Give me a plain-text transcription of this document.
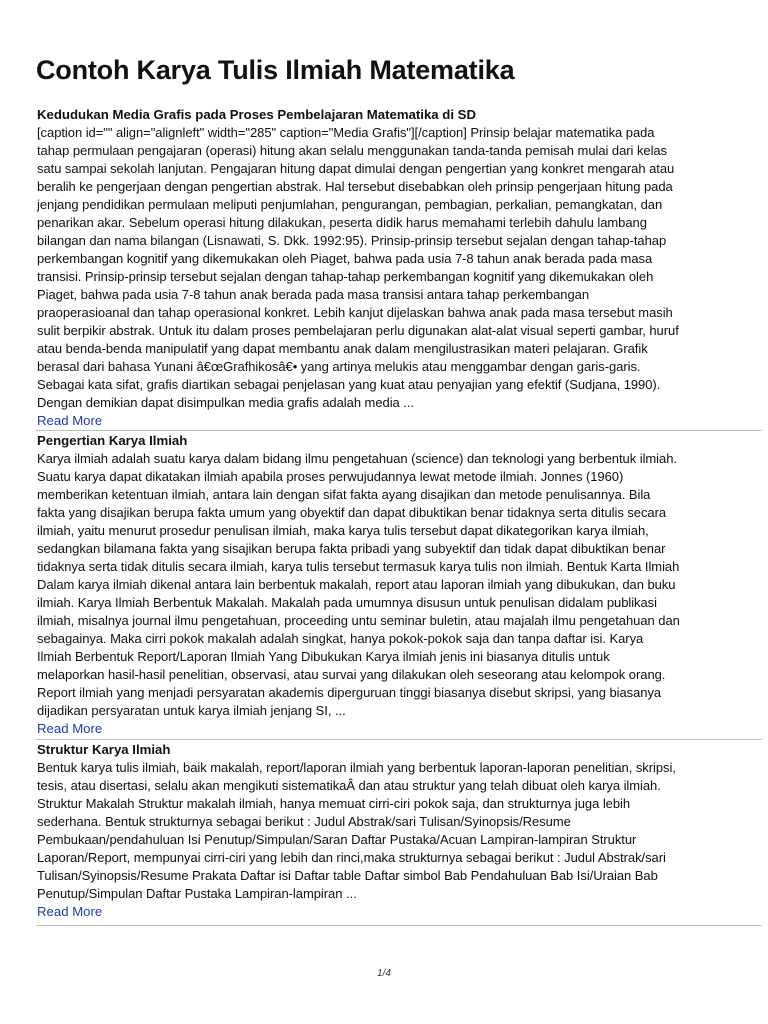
Contoh Karya Tulis Ilmiah Matematika
Kedudukan Media Grafis pada Proses Pembelajaran Matematika di SD
[caption id="" align="alignleft" width="285" caption="Media Grafis"][/caption] Prinsip belajar matematika pada
tahap permulaan pengajaran (operasi) hitung akan selalu menggunakan tanda-tanda pemisah mulai dari kelas
satu sampai sekolah lanjutan. Pengajaran hitung dapat dimulai dengan pengertian yang konkret mengarah atau
beralih ke pengerjaan dengan pengertian abstrak. Hal tersebut disebabkan oleh prinsip pengerjaan hitung pada
jenjang pendidikan permulaan meliputi penjumlahan, pengurangan, pembagian, perkalian, pemangkatan, dan
penarikan akar. Sebelum operasi hitung dilakukan, peserta didik harus memahami terlebih dahulu lambang
bilangan dan nama bilangan (Lisnawati, S. Dkk. 1992:95). Prinsip-prinsip tersebut sejalan dengan tahap-tahap
perkembangan kognitif yang dikemukakan oleh Piaget, bahwa pada usia 7-8 tahun anak berada pada masa
transisi. Prinsip-prinsip tersebut sejalan dengan tahap-tahap perkembangan kognitif yang dikemukakan oleh
Piaget, bahwa pada usia 7-8 tahun anak berada pada masa transisi antara tahap perkembangan
praoperasioanal dan tahap operasional konkret. Lebih kanjut dijelaskan bahwa anak pada masa tersebut masih
sulit berpikir abstrak. Untuk itu dalam proses pembelajaran perlu digunakan alat-alat visual seperti gambar, huruf
atau benda-benda manipulatif yang dapat membantu anak dalam mengilustrasikan materi pelajaran. Grafik
berasal dari bahasa Yunani â€œGrafhikosâ€• yang artinya melukis atau menggambar dengan garis-garis.
Sebagai kata sifat, grafis diartikan sebagai penjelasan yang kuat atau penyajian yang efektif (Sudjana, 1990).
Dengan demikian dapat disimpulkan media grafis adalah media ...
Read More
Pengertian Karya Ilmiah
Karya ilmiah adalah suatu karya dalam bidang ilmu pengetahuan (science) dan teknologi yang berbentuk ilmiah.
Suatu karya dapat dikatakan ilmiah apabila proses perwujudannya lewat metode ilmiah. Jonnes (1960)
memberikan ketentuan ilmiah, antara lain dengan sifat fakta ayang disajikan dan metode penulisannya. Bila
fakta yang disajikan berupa fakta umum yang obyektif dan dapat dibuktikan benar tidaknya serta ditulis secara
ilmiah, yaitu menurut prosedur penulisan ilmiah, maka karya tulis tersebut dapat dikategorikan karya ilmiah,
sedangkan bilamana fakta yang sisajikan berupa fakta pribadi yang subyektif dan tidak dapat dibuktikan benar
tidaknya serta tidak ditulis secara ilmiah, karya tulis tersebut termasuk karya tulis non ilmiah. Bentuk Karta Ilmiah
Dalam karya ilmiah dikenal antara lain berbentuk makalah, report atau laporan ilmiah yang dibukukan, dan buku
ilmiah. Karya Ilmiah Berbentuk Makalah. Makalah pada umumnya disusun untuk penulisan didalam publikasi
ilmiah, misalnya journal ilmu pengetahuan, proceeding untu seminar buletin, atau majalah ilmu pengetahuan dan
sebagainya. Maka cirri pokok makalah adalah singkat, hanya pokok-pokok saja dan tanpa daftar isi. Karya
Ilmiah Berbentuk Report/Laporan Ilmiah Yang Dibukukan Karya ilmiah jenis ini biasanya ditulis untuk
melaporkan hasil-hasil penelitian, observasi, atau survai yang dilakukan oleh seseorang atau kelompok orang.
Report ilmiah yang menjadi persyaratan akademis diperguruan tinggi biasanya disebut skripsi, yang biasanya
dijadikan persyaratan untuk karya ilmiah jenjang SI, ...
Read More
Struktur Karya Ilmiah
Bentuk karya tulis ilmiah, baik makalah, report/laporan ilmiah yang berbentuk laporan-laporan penelitian, skripsi,
tesis, atau disertasi, selalu akan mengikuti sistematikaÂ dan atau struktur yang telah dibuat oleh karya ilmiah.
Struktur Makalah Struktur makalah ilmiah, hanya memuat cirri-ciri pokok saja, dan strukturnya juga lebih
sederhana. Bentuk strukturnya sebagai berikut : Judul Abstrak/sari Tulisan/Syinopsis/Resume
Pembukaan/pendahuluan Isi Penutup/Simpulan/Saran Daftar Pustaka/Acuan Lampiran-lampiran Struktur
Laporan/Report, mempunyai cirri-ciri yang lebih dan rinci,maka strukturnya sebagai berikut : Judul Abstrak/sari
Tulisan/Syinopsis/Resume Prakata Daftar isi Daftar table Daftar simbol Bab Pendahuluan Bab Isi/Uraian Bab
Penutup/Simpulan Daftar Pustaka Lampiran-lampiran ...
Read More
1/4
